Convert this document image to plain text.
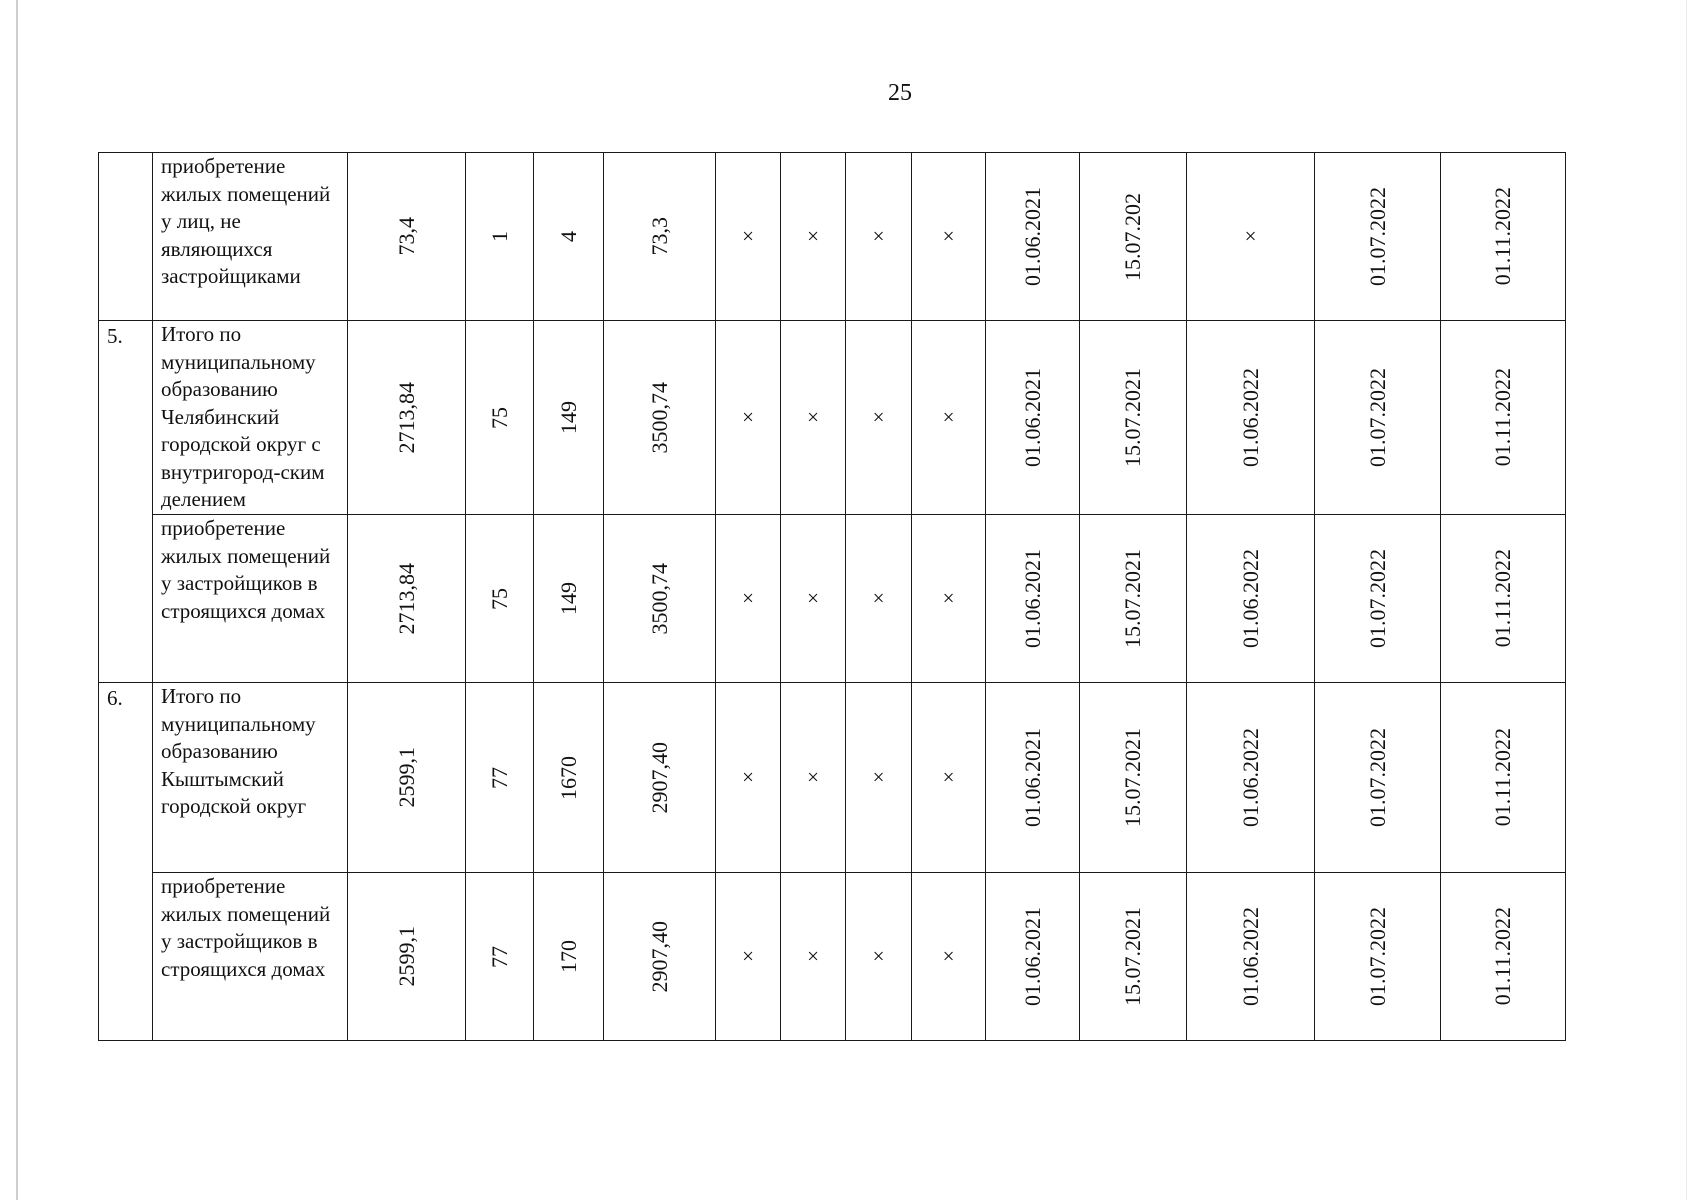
25
	приобретение жилых помещений у лиц, не являющихся застройщиками	73,4	1	4	73,3	×	×	×	×	01.06.2021	15.07.202	×	01.07.2022	01.11.2022

5.	Итого по муниципальному образованию Челябинский городской округ с внутригород-ским делением	2713,84	75	149	3500,74	×	×	×	×	01.06.2021	15.07.2021	01.06.2022	01.07.2022	01.11.2022

	приобретение жилых помещений у застройщиков в строящихся домах	2713,84	75	149	3500,74	×	×	×	×	01.06.2021	15.07.2021	01.06.2022	01.07.2022	01.11.2022

6.	Итого по муниципальному образованию Кыштымский городской округ	2599,1	77	1670	2907,40	×	×	×	×	01.06.2021	15.07.2021	01.06.2022	01.07.2022	01.11.2022

	приобретение жилых помещений у застройщиков в строящихся домах	2599,1	77	170	2907,40	×	×	×	×	01.06.2021	15.07.2021	01.06.2022	01.07.2022	01.11.2022
